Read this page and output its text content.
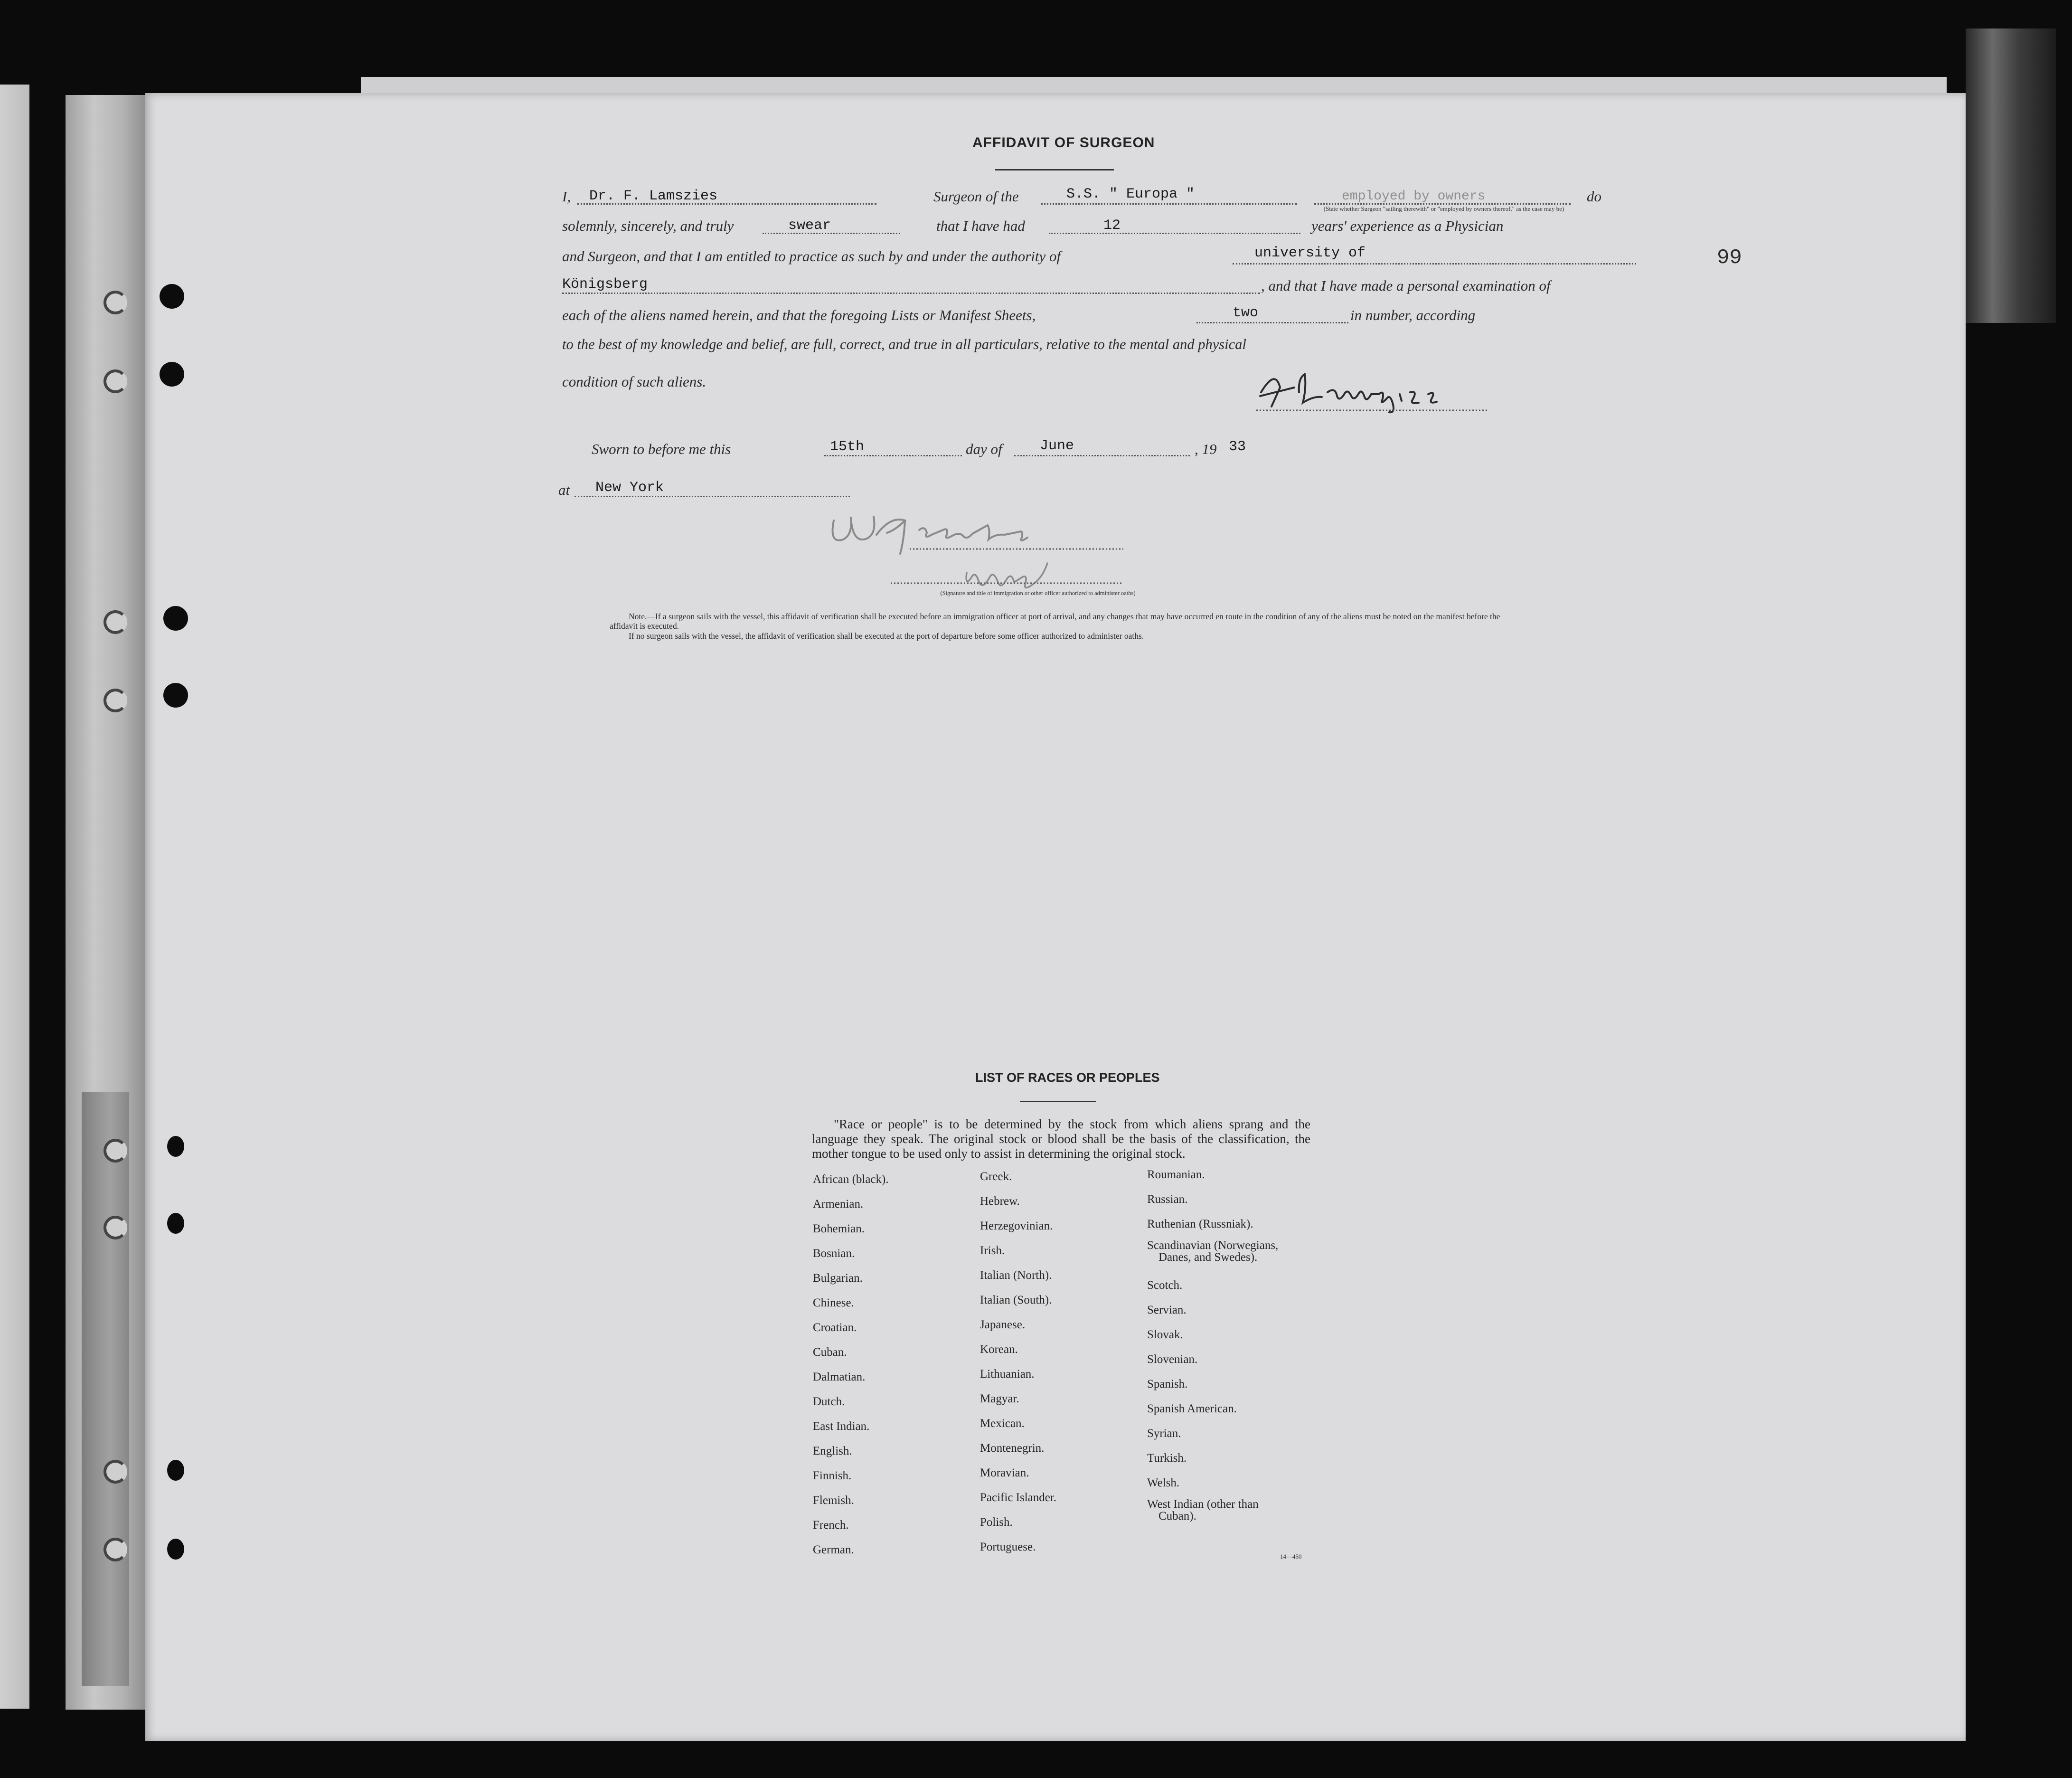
99
AFFIDAVIT OF SURGEON
I, Dr. F. Lamszies	Surgeon of the	S.S. " Europa "	employed by owners	do
(State whether Surgeon "sailing therewith" or "employed by owners thereof," as the case may be)
solemnly, sincerely, and truly	swear	that I have had	12	years' experience as a Physician
and Surgeon, and that I am entitled to practice as such by and under the authority of	university of
Königsberg	, and that I have made a personal examination of
each of the aliens named herein, and that the foregoing Lists or Manifest Sheets,	two	in number, according
to the best of my knowledge and belief, are full, correct, and true in all particulars, relative to the mental and physical
condition of such aliens.
Sworn to before me this	15th	day of	June	, 19 33
at New York
(Signature and title of immigration or other officer authorized to administer oaths)
Note.—If a surgeon sails with the vessel, this affidavit of verification shall be executed before an immigration officer at port of arrival, and any changes that may have occurred en route in the condition of any of the aliens must be noted on the manifest before the affidavit is executed.
If no surgeon sails with the vessel, the affidavit of verification shall be executed at the port of departure before some officer authorized to administer oaths.
LIST OF RACES OR PEOPLES
"Race or people" is to be determined by the stock from which aliens sprang and the language they speak. The original stock or blood shall be the basis of the classification, the mother tongue to be used only to assist in determining the original stock.
African (black).
Armenian.
Bohemian.
Bosnian.
Bulgarian.
Chinese.
Croatian.
Cuban.
Dalmatian.
Dutch.
East Indian.
English.
Finnish.
Flemish.
French.
German.
Greek.
Hebrew.
Herzegovinian.
Irish.
Italian (North).
Italian (South).
Japanese.
Korean.
Lithuanian.
Magyar.
Mexican.
Montenegrin.
Moravian.
Pacific Islander.
Polish.
Portuguese.
Roumanian.
Russian.
Ruthenian (Russniak).
Scandinavian (Norwegians,
Danes, and Swedes).
Scotch.
Servian.
Slovak.
Slovenian.
Spanish.
Spanish American.
Syrian.
Turkish.
Welsh.
West Indian (other than
Cuban).
14—450
